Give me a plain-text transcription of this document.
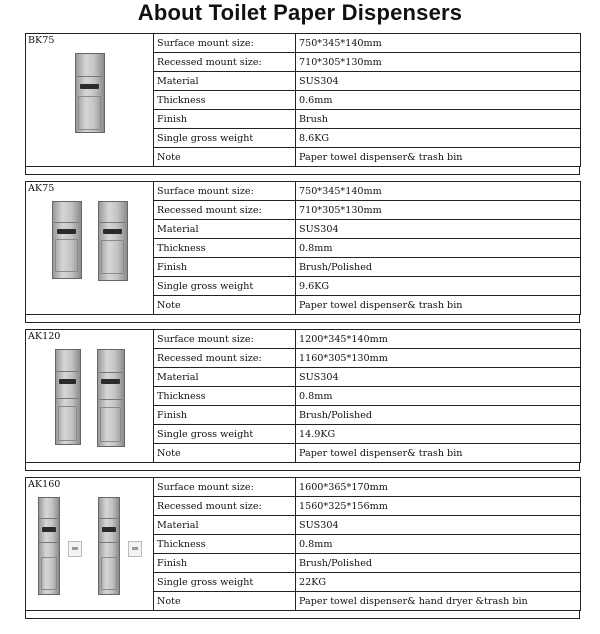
About Toilet Paper Dispensers
BK75	Surface mount size:	750*345*140mm
	Recessed mount size:	710*305*130mm
	Material	SUS304
	Thickness	0.6mm
	Finish	Brush
	Single gross weight	8.6KG
	Note	Paper towel dispenser& trash bin
AK75	Surface mount size:	750*345*140mm
	Recessed mount size:	710*305*130mm
	Material	SUS304
	Thickness	0.8mm
	Finish	Brush/Polished
	Single gross weight	9.6KG
	Note	Paper towel dispenser& trash bin
AK120	Surface mount size:	1200*345*140mm
	Recessed mount size:	1160*305*130mm
	Material	SUS304
	Thickness	0.8mm
	Finish	Brush/Polished
	Single gross weight	14.9KG
	Note	Paper towel dispenser& trash bin
AK160	Surface mount size:	1600*365*170mm
	Recessed mount size:	1560*325*156mm
	Material	SUS304
	Thickness	0.8mm
	Finish	Brush/Polished
	Single gross weight	22KG
	Note	Paper towel dispenser& hand dryer &trash bin
